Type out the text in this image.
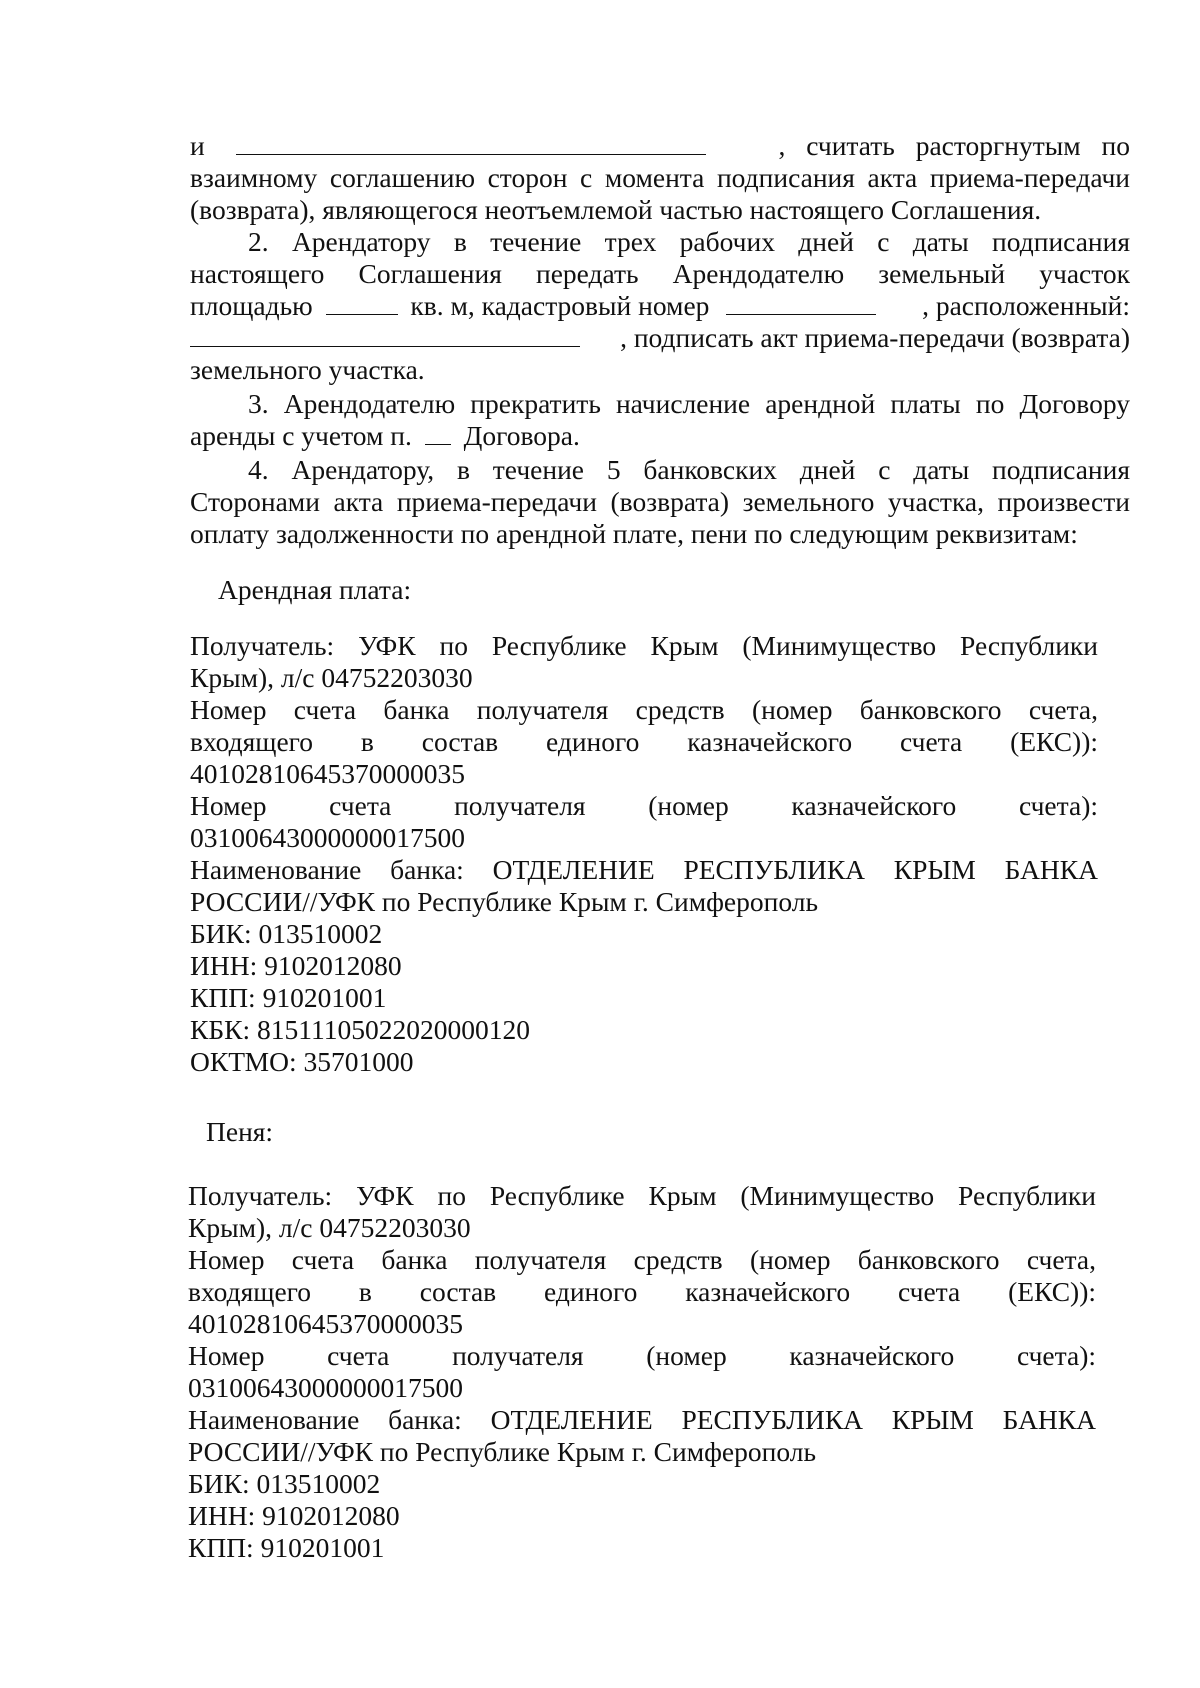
и	, считать расторгнутым по
взаимному соглашению сторон с момента подписания акта приема-передачи
(возврата), являющегося неотъемлемой частью настоящего Соглашения.
2. Арендатору в течение трех рабочих дней с даты подписания
настоящего Соглашения передать Арендодателю земельный участок
площадью	кв. м, кадастровый номер	, расположенный:
, подписать акт приема-передачи (возврата)
земельного участка.
3. Арендодателю прекратить начисление арендной платы по Договору
аренды с учетом п. Договора.
4. Арендатору, в течение 5 банковских дней с даты подписания
Сторонами акта приема-передачи (возврата) земельного участка, произвести
оплату задолженности по арендной плате, пени по следующим реквизитам:
Арендная плата:
Получатель: УФК по Республике Крым (Минимущество Республики
Крым), л/с 04752203030
Номер счета банка получателя средств (номер банковского счета,
входящего в состав единого казначейского счета (ЕКС)):
40102810645370000035
Номер счета получателя (номер казначейского счета):
03100643000000017500
Наименование банка: ОТДЕЛЕНИЕ РЕСПУБЛИКА КРЫМ БАНКА
РОССИИ//УФК по Республике Крым г. Симферополь
БИК: 013510002
ИНН: 9102012080
КПП: 910201001
КБК: 81511105022020000120
ОКТМО: 35701000
Пеня:
Получатель: УФК по Республике Крым (Минимущество Республики
Крым), л/с 04752203030
Номер счета банка получателя средств (номер банковского счета,
входящего в состав единого казначейского счета (ЕКС)):
40102810645370000035
Номер счета получателя (номер казначейского счета):
03100643000000017500
Наименование банка: ОТДЕЛЕНИЕ РЕСПУБЛИКА КРЫМ БАНКА
РОССИИ//УФК по Республике Крым г. Симферополь
БИК: 013510002
ИНН: 9102012080
КПП: 910201001
